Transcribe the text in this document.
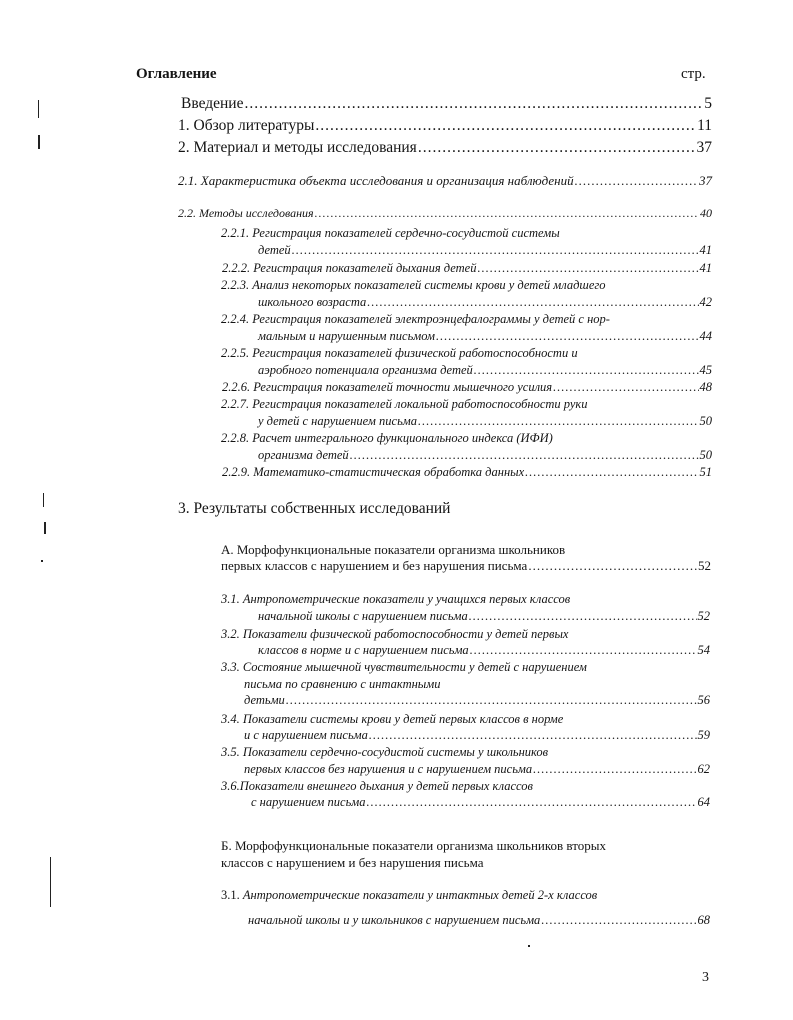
Оглавление	стр.
Введение .....	5
1. Обзор литературы .....	11
2. Материал и методы исследования .....	37
2.1. Характеристика объекта исследования и организация наблюдений .....	37
2.2. Методы исследования .....	40
2.2.1. Регистрация показателей сердечно-сосудистой системы
детей .....	41
2.2.2. Регистрация показателей дыхания детей .....	41
2.2.3. Анализ некоторых показателей системы крови у детей младшего
школьного возраста .....	42
2.2.4. Регистрация показателей электроэнцефалограммы у детей с нор-
мальным и нарушенным письмом .....	44
2.2.5. Регистрация показателей физической работоспособности и
аэробного потенциала организма детей .....	45
2.2.6. Регистрация показателей точности мышечного усилия .....	48
2.2.7. Регистрация показателей локальной работоспособности руки
у детей с нарушением письма .....	50
2.2.8. Расчет интегрального функционального индекса (ИФИ)
организма детей .....	50
2.2.9. Математико-статистическая обработка данных .....	51
3. Результаты собственных исследований
А. Морфофункциональные показатели организма школьников
первых классов с нарушением и без нарушения письма .....	52
3.1. Антропометрические показатели у учащихся первых классов
начальной школы с нарушением письма .....	52
3.2. Показатели физической работоспособности у детей первых
классов в норме и с нарушением письма .....	54
3.3. Состояние мышечной чувствительности у детей с нарушением
письма по сравнению с интактными
детьми .....	56
3.4. Показатели системы крови у детей первых классов в норме
и с нарушением письма .....	59
3.5. Показатели сердечно-сосудистой системы у школьников
первых классов без нарушения и с нарушением письма .....	62
3.6.Показатели внешнего дыхания у детей первых классов
с нарушением письма .....	64
Б. Морфофункциональные показатели организма школьников вторых
классов с нарушением и без нарушения письма
3.1. Антропометрические показатели у интактных детей 2-х классов
начальной школы и у школьников с нарушением письма .....	68
3
